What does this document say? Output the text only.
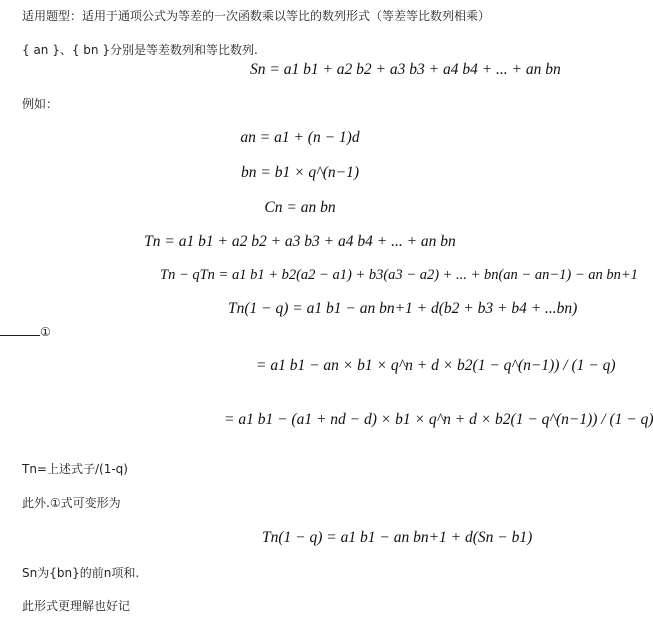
适用题型：适用于通项公式为等差的一次函数乘以等比的数列形式（等差等比数列相乘）
{ an }、{ bn }分别是等差数列和等比数列.
Sn = a1 b1 + a2 b2 + a3 b3 + a4 b4 + ... + an bn
例如：
an = a1 + (n − 1)d
bn = b1 × q^(n−1)
Cn = an bn
Tn = a1 b1 + a2 b2 + a3 b3 + a4 b4 + ... + an bn
Tn − qTn = a1 b1 + b2(a2 − a1) + b3(a3 − a2) + ... + bn(an − an−1) − an bn+1
Tn(1 − q) = a1 b1 − an bn+1 + d(b2 + b3 + b4 + ...bn)
①
= a1 b1 − an × b1 × q^n + d × b2(1 − q^(n−1)) / (1 − q)
= a1 b1 − (a1 + nd − d) × b1 × q^n + d × b2(1 − q^(n−1)) / (1 − q)
Tn=上述式子/(1-q)
此外.①式可变形为
Tn(1 − q) = a1 b1 − an bn+1 + d(Sn − b1)
Sn为{bn}的前n项和.
此形式更理解也好记
